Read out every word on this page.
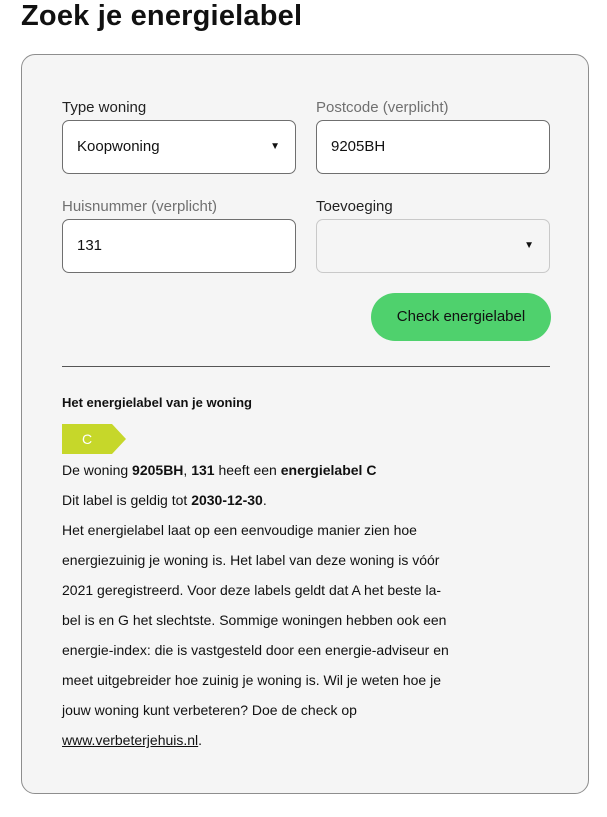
Zoek je energielabel
Type woning
Koopwoning	▼
Postcode (verplicht)
9205BH
Huisnummer (verplicht)
131
Toevoeging
▼
Check energielabel
Het energielabel van je woning
C

De woning 9205BH, 131 heeft een energielabel C

Dit label is geldig tot 2030-12-30.

Het energielabel laat op een eenvoudige manier zien hoe

energiezuinig je woning is. Het label van deze woning is vóór

2021 geregistreerd. Voor deze labels geldt dat A het beste la-

bel is en G het slechtste. Sommige woningen hebben ook een

energie-index: die is vastgesteld door een energie-adviseur en

meet uitgebreider hoe zuinig je woning is. Wil je weten hoe je

jouw woning kunt verbeteren? Doe de check op

www.verbeterjehuis.nl.
